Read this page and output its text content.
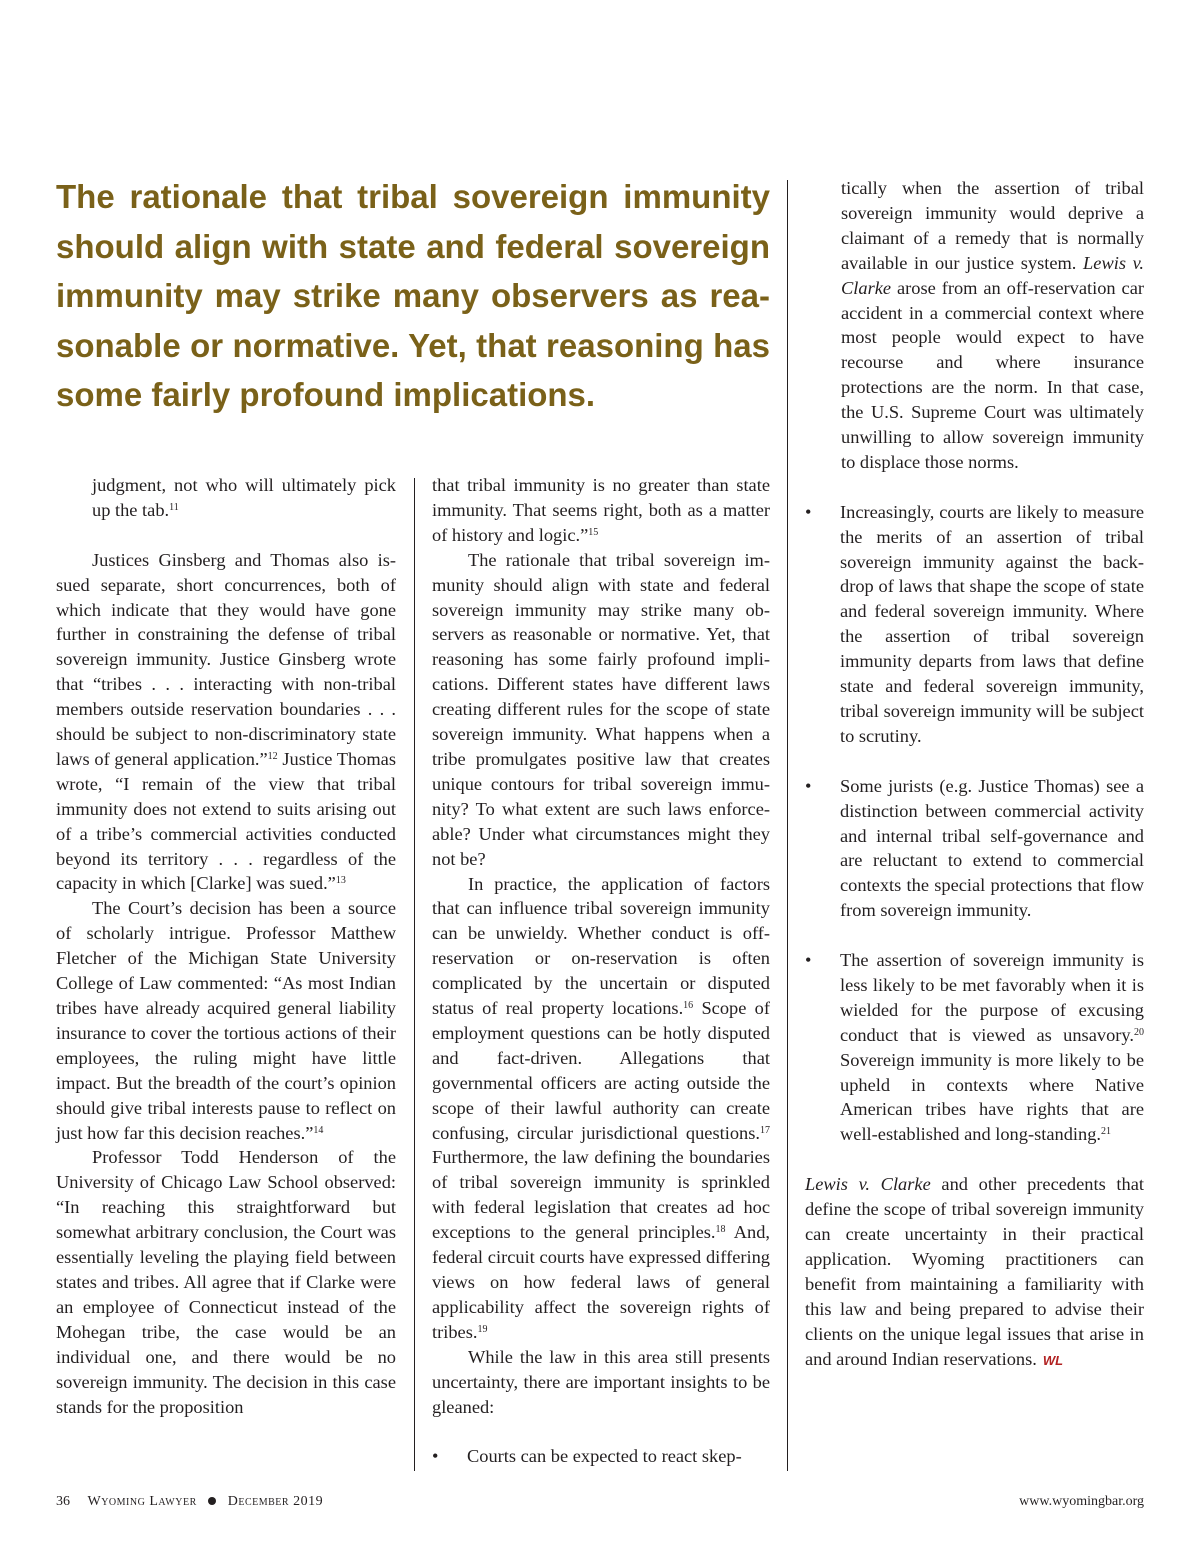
The rationale that tribal sovereign immunity should align with state and federal sovereign immunity may strike many observers as reasonable or normative. Yet, that reasoning has some fairly profound implications.

judgment, not who will ultimately pick up the tab.$^{11}$

Justices Ginsberg and Thomas also issued separate, short concurrences, both of which indicate that they would have gone further in constraining the defense of tribal sovereign immunity. Justice Ginsberg wrote that “tribes . . . interacting with non-tribal members outside reservation boundaries . . . should be subject to non-discriminatory state laws of general application.”$^{12}$ Justice Thomas wrote, “I remain of the view that tribal immunity does not extend to suits arising out of a tribe’s commercial activities conducted beyond its territory . . . regardless of the capacity in which [Clarke] was sued.”$^{13}$

The Court’s decision has been a source of scholarly intrigue. Professor Matthew Fletcher of the Michigan State University College of Law commented: “As most Indian tribes have already acquired general liability insurance to cover the tortious actions of their employees, the ruling might have little impact. But the breadth of the court’s opinion should give tribal interests pause to reflect on just how far this decision reaches.”$^{14}$

Professor Todd Henderson of the University of Chicago Law School observed: “In reaching this straightforward but somewhat arbitrary conclusion, the Court was essentially leveling the playing field between states and tribes. All agree that if Clarke were an employee of Connecticut instead of the Mohegan tribe, the case would be an individual one, and there would be no sovereign immunity. The decision in this case stands for the proposition

that tribal immunity is no greater than state immunity. That seems right, both as a matter of history and logic.”$^{15}$

The rationale that tribal sovereign immunity should align with state and federal sovereign immunity may strike many observers as reasonable or normative. Yet, that reasoning has some fairly profound implications. Different states have different laws creating different rules for the scope of state sovereign immunity. What happens when a tribe promulgates positive law that creates unique contours for tribal sovereign immunity? To what extent are such laws enforceable? Under what circumstances might they not be?

In practice, the application of factors that can influence tribal sovereign immunity can be unwieldy. Whether conduct is off-reservation or on-reservation is often complicated by the uncertain or disputed status of real property locations.$^{16}$ Scope of employment questions can be hotly disputed and fact-driven. Allegations that governmental officers are acting outside the scope of their lawful authority can create confusing, circular jurisdictional questions.$^{17}$ Furthermore, the law defining the boundaries of tribal sovereign immunity is sprinkled with federal legislation that creates ad hoc exceptions to the general principles.$^{18}$ And, federal circuit courts have expressed differing views on how federal laws of general applicability affect the sovereign rights of tribes.$^{19}$

While the law in this area still presents uncertainty, there are important insights to be gleaned:

• Courts can be expected to react skep-

tically when the assertion of tribal sovereign immunity would deprive a claimant of a remedy that is normally available in our justice system. Lewis v. Clarke arose from an off-reservation car accident in a commercial context where most people would expect to have recourse and where insurance protections are the norm. In that case, the U.S. Supreme Court was ultimately unwilling to allow sovereign immunity to displace those norms.

• Increasingly, courts are likely to measure the merits of an assertion of tribal sovereign immunity against the backdrop of laws that shape the scope of state and federal sovereign immunity. Where the assertion of tribal sovereign immunity departs from laws that define state and federal sovereign immunity, tribal sovereign immunity will be subject to scrutiny.

• Some jurists (e.g. Justice Thomas) see a distinction between commercial activity and internal tribal self-governance and are reluctant to extend to commercial contexts the special protections that flow from sovereign immunity.

• The assertion of sovereign immunity is less likely to be met favorably when it is wielded for the purpose of excusing conduct that is viewed as unsavory.$^{20}$ Sovereign immunity is more likely to be upheld in contexts where Native American tribes have rights that are well-established and long-standing.$^{21}$

Lewis v. Clarke and other precedents that define the scope of tribal sovereign immunity can create uncertainty in their practical application. Wyoming practitioners can benefit from maintaining a familiarity with this law and being prepared to advise their clients on the unique legal issues that arise in and around Indian reservations. WL

36 Wyoming Lawyer December 2019	www.wyomingbar.org
